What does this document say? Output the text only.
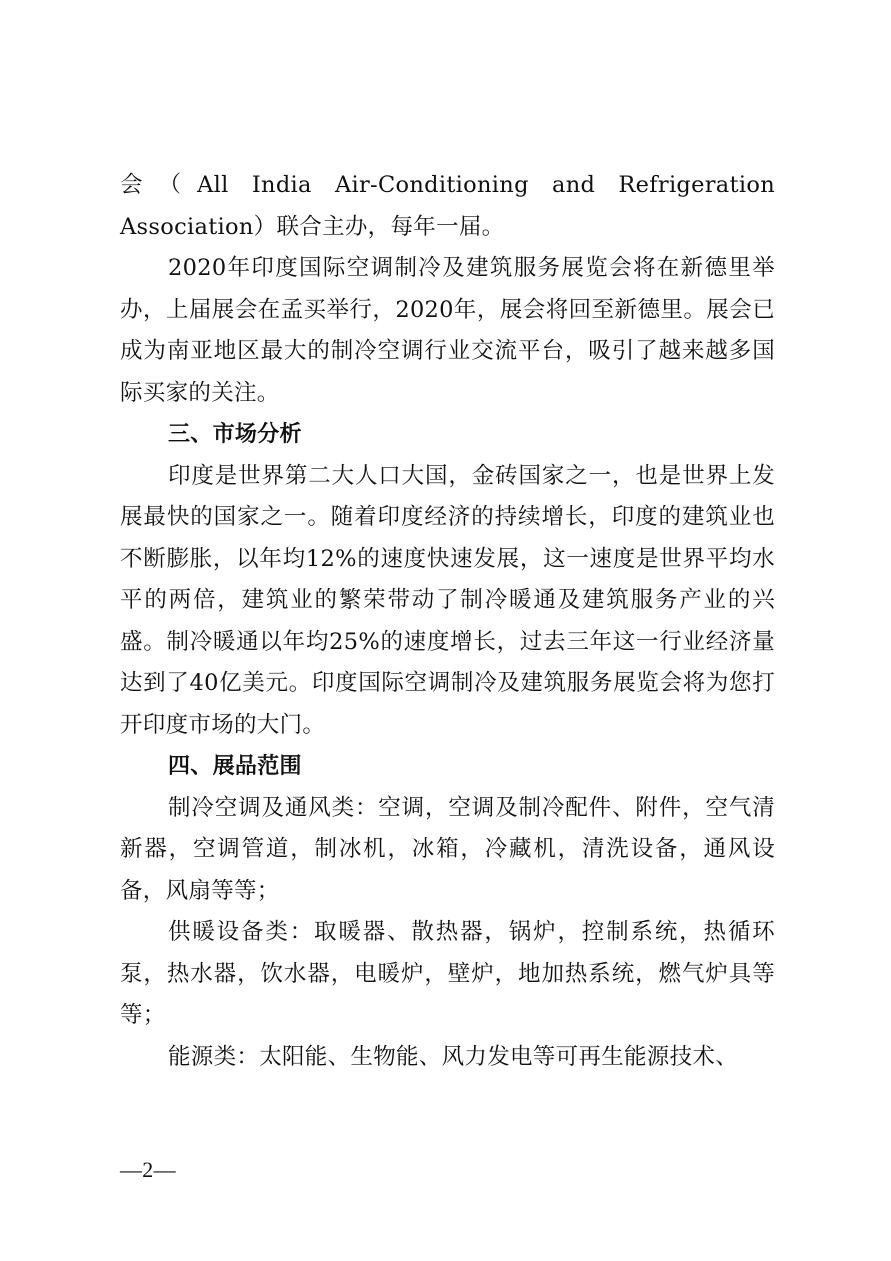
会（All India Air-Conditioning and Refrigeration Association）联合主办，每年一届。

2020年印度国际空调制冷及建筑服务展览会将在新德里举办，上届展会在孟买举行，2020年，展会将回至新德里。展会已成为南亚地区最大的制冷空调行业交流平台，吸引了越来越多国际买家的关注。

三、市场分析

印度是世界第二大人口大国，金砖国家之一，也是世界上发展最快的国家之一。随着印度经济的持续增长，印度的建筑业也不断膨胀，以年均12%的速度快速发展，这一速度是世界平均水平的两倍，建筑业的繁荣带动了制冷暖通及建筑服务产业的兴盛。制冷暖通以年均25%的速度增长，过去三年这一行业经济量达到了40亿美元。印度国际空调制冷及建筑服务展览会将为您打开印度市场的大门。

四、展品范围

制冷空调及通风类：空调，空调及制冷配件、附件，空气清新器，空调管道，制冰机，冰箱，冷藏机，清洗设备，通风设备，风扇等等；

供暖设备类：取暖器、散热器，锅炉，控制系统，热循环泵，热水器，饮水器，电暖炉，壁炉，地加热系统，燃气炉具等等；

能源类：太阳能、生物能、风力发电等可再生能源技术、

—2—
